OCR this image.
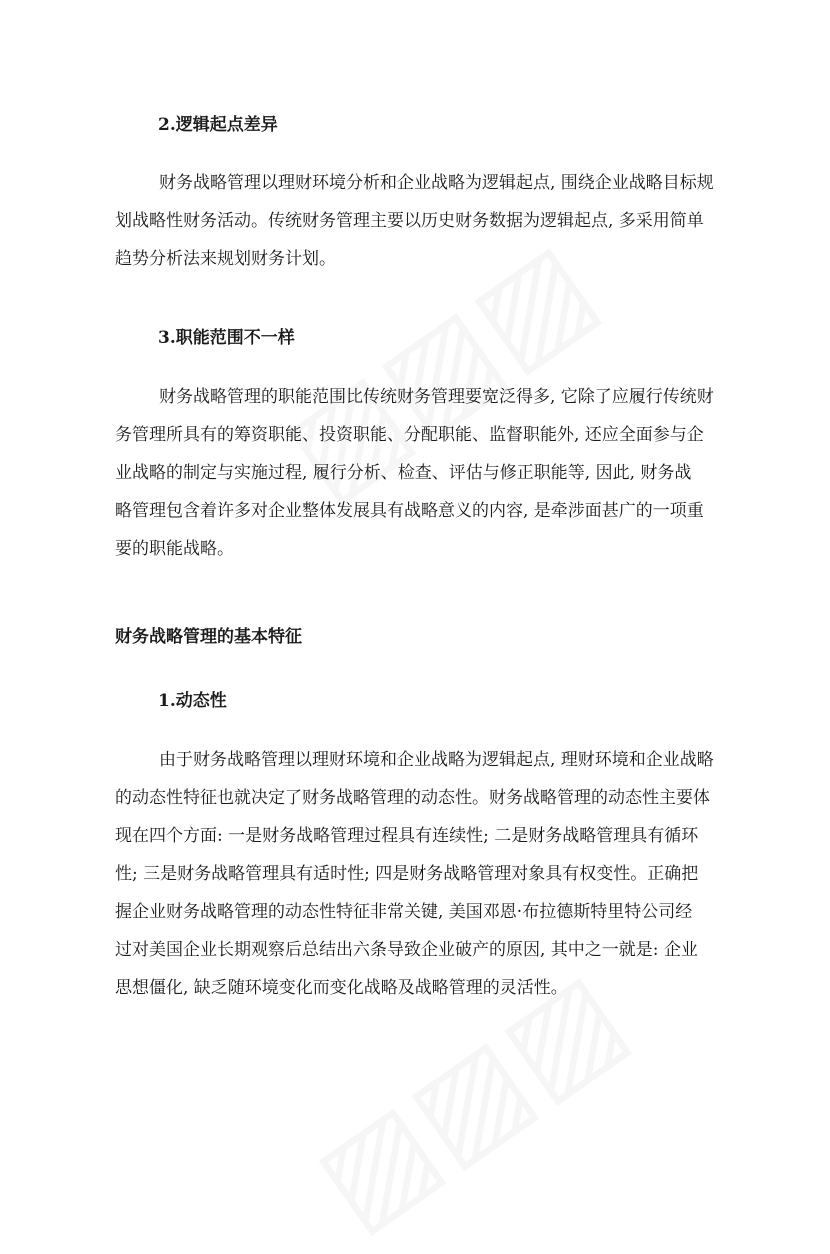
2.逻辑起点差异
财务战略管理以理财环境分析和企业战略为逻辑起点, 围绕企业战略目标规
划战略性财务活动。传统财务管理主要以历史财务数据为逻辑起点, 多采用简单
趋势分析法来规划财务计划。
3.职能范围不一样
财务战略管理的职能范围比传统财务管理要宽泛得多, 它除了应履行传统财
务管理所具有的筹资职能、投资职能、分配职能、监督职能外, 还应全面参与企
业战略的制定与实施过程, 履行分析、检查、评估与修正职能等, 因此, 财务战
略管理包含着许多对企业整体发展具有战略意义的内容, 是牵涉面甚广的一项重
要的职能战略。
财务战略管理的基本特征
1.动态性
由于财务战略管理以理财环境和企业战略为逻辑起点, 理财环境和企业战略
的动态性特征也就决定了财务战略管理的动态性。财务战略管理的动态性主要体
现在四个方面: 一是财务战略管理过程具有连续性; 二是财务战略管理具有循环
性; 三是财务战略管理具有适时性; 四是财务战略管理对象具有权变性。正确把
握企业财务战略管理的动态性特征非常关键, 美国邓恩·布拉德斯特里特公司经
过对美国企业长期观察后总结出六条导致企业破产的原因, 其中之一就是: 企业
思想僵化, 缺乏随环境变化而变化战略及战略管理的灵活性。
